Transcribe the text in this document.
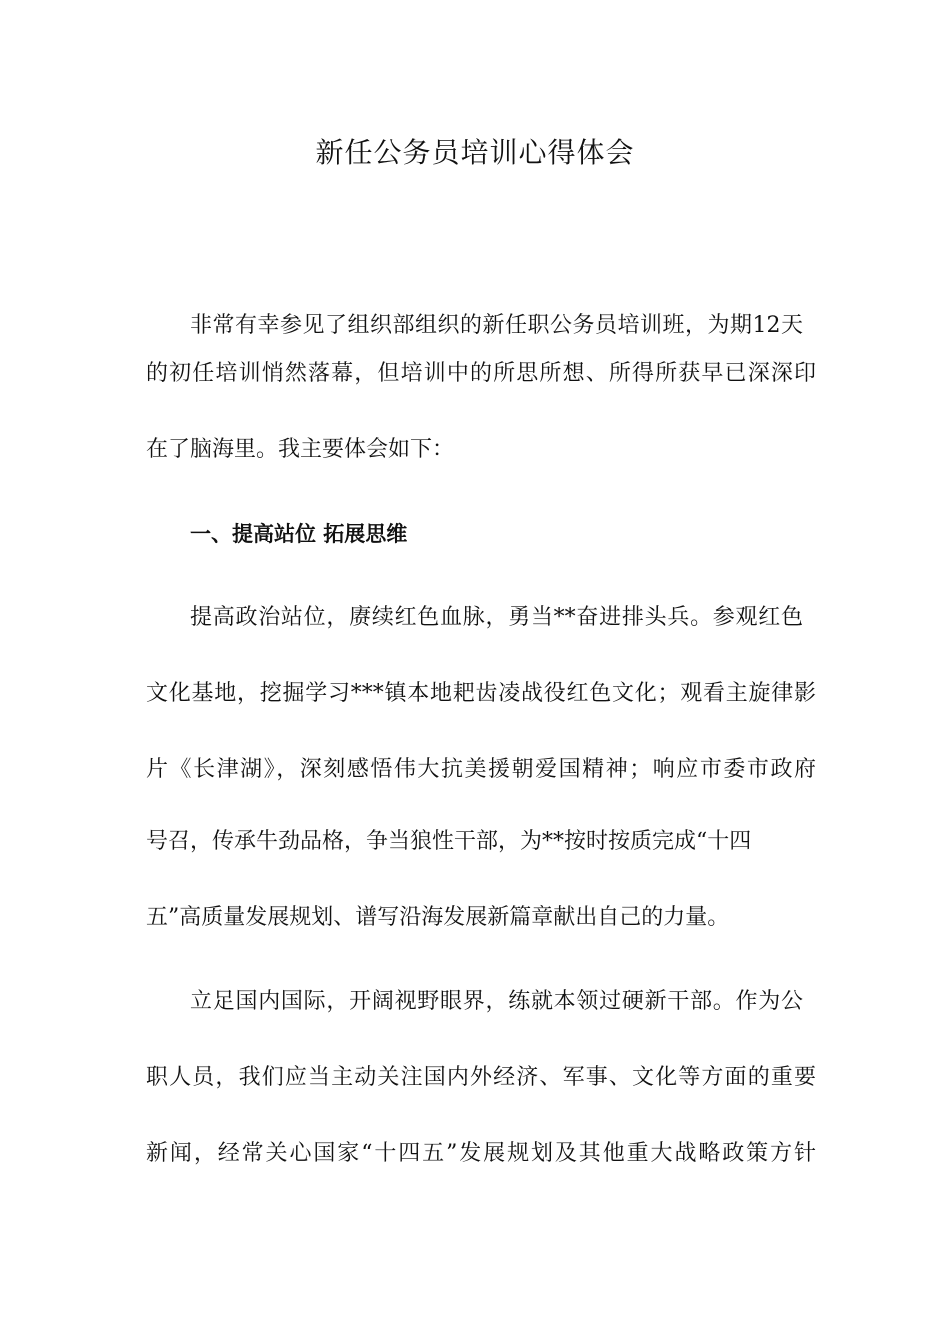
新任公务员培训心得体会
非常有幸参见了组织部组织的新任职公务员培训班，为期12天
的初任培训悄然落幕，但培训中的所思所想、所得所获早已深深印
在了脑海里。我主要体会如下：
一、提高站位 拓展思维
提高政治站位，赓续红色血脉，勇当**奋进排头兵。参观红色
文化基地，挖掘学习***镇本地耙齿凌战役红色文化；观看主旋律影
片《长津湖》，深刻感悟伟大抗美援朝爱国精神；响应市委市政府
号召，传承牛劲品格，争当狼性干部，为**按时按质完成“十四
五”高质量发展规划、谱写沿海发展新篇章献出自己的力量。
立足国内国际，开阔视野眼界，练就本领过硬新干部。作为公
职人员，我们应当主动关注国内外经济、军事、文化等方面的重要
新闻，经常关心国家“十四五”发展规划及其他重大战略政策方针
